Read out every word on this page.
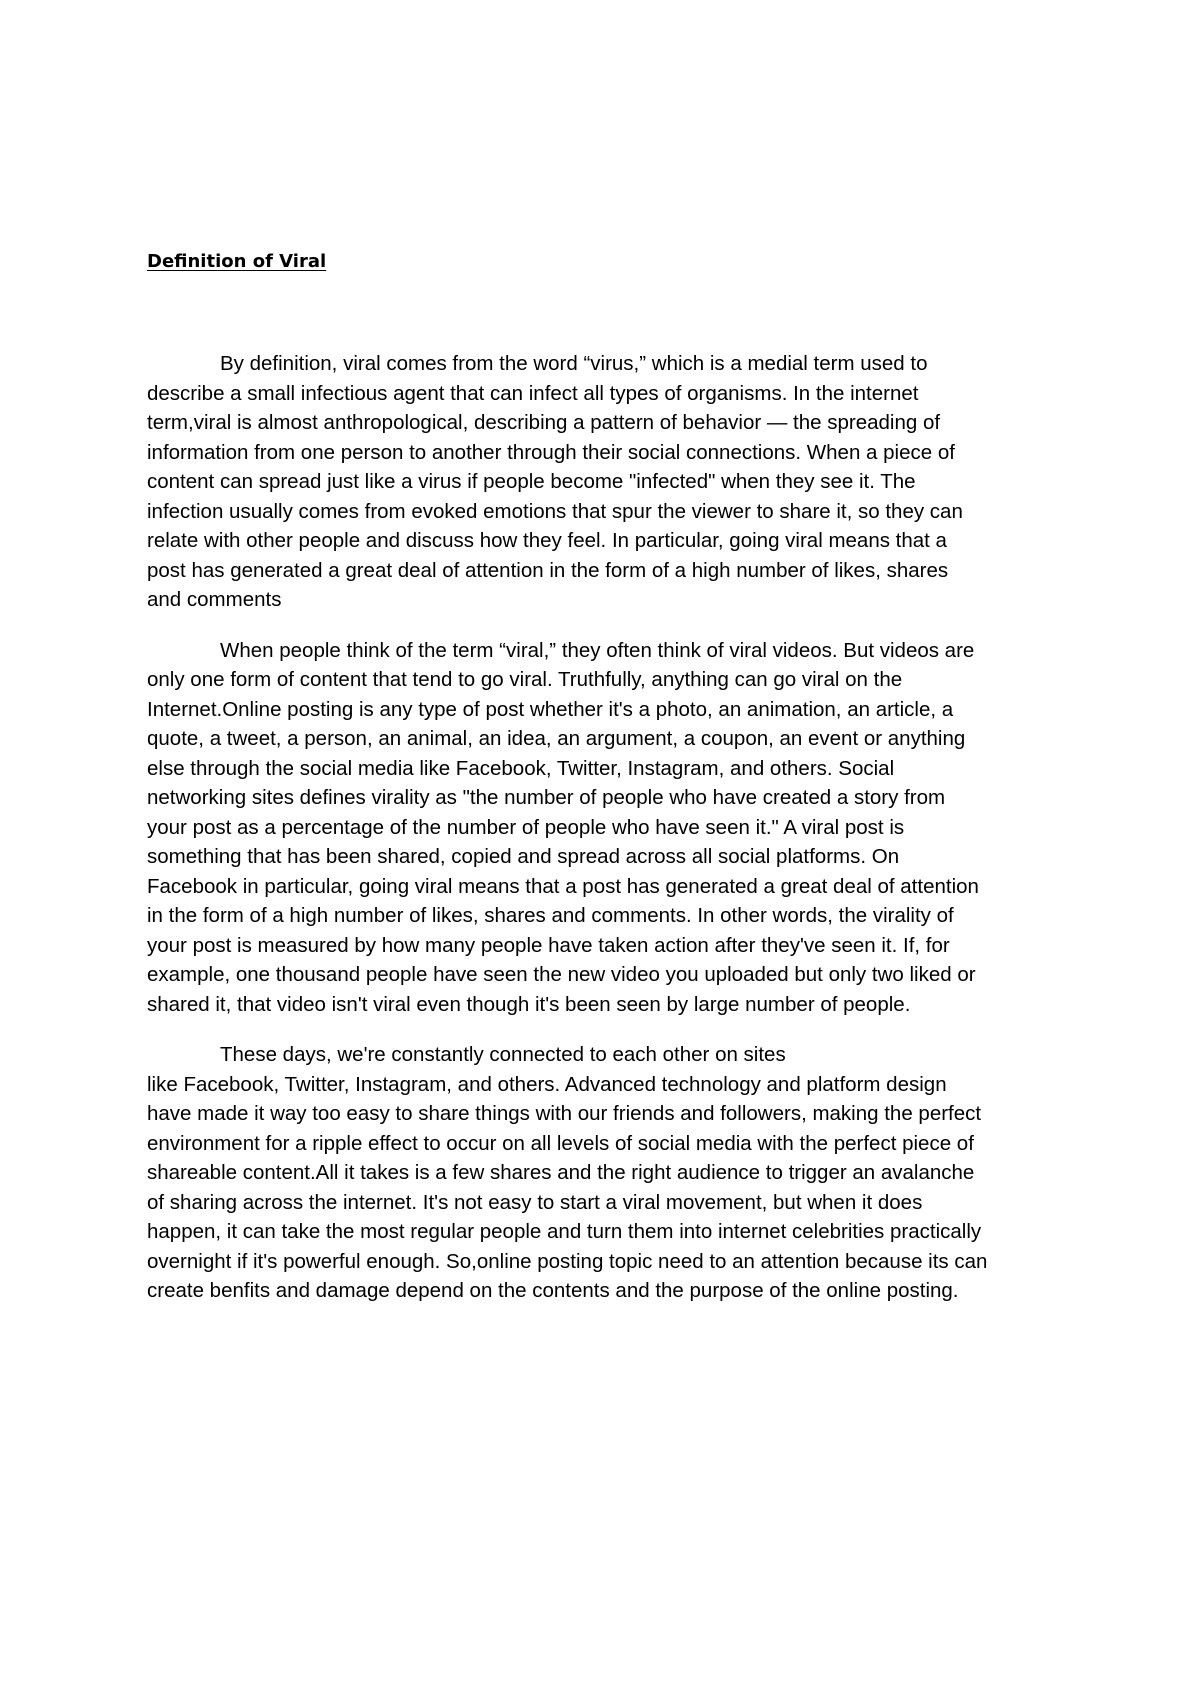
Definition of Viral

By definition, viral comes from the word “virus,” which is a medial term used to
describe a small infectious agent that can infect all types of organisms. In the internet
term,viral is almost anthropological, describing a pattern of behavior — the spreading of
information from one person to another through their social connections. When a piece of
content can spread just like a virus if people become "infected" when they see it. The
infection usually comes from evoked emotions that spur the viewer to share it, so they can
relate with other people and discuss how they feel. In particular, going viral means that a
post has generated a great deal of attention in the form of a high number of likes, shares
and comments

When people think of the term “viral,” they often think of viral videos. But videos are
only one form of content that tend to go viral. Truthfully, anything can go viral on the
Internet.Online posting is any type of post whether it's a photo, an animation, an article, a
quote, a tweet, a person, an animal, an idea, an argument, a coupon, an event or anything
else through the social media like Facebook, Twitter, Instagram, and others. Social
networking sites defines virality as "the number of people who have created a story from
your post as a percentage of the number of people who have seen it." A viral post is
something that has been shared, copied and spread across all social platforms. On
Facebook in particular, going viral means that a post has generated a great deal of attention
in the form of a high number of likes, shares and comments. In other words, the virality of
your post is measured by how many people have taken action after they've seen it. If, for
example, one thousand people have seen the new video you uploaded but only two liked or
shared it, that video isn't viral even though it's been seen by large number of people.

These days, we're constantly connected to each other on sites
like Facebook, Twitter, Instagram, and others. Advanced technology and platform design
have made it way too easy to share things with our friends and followers, making the perfect
environment for a ripple effect to occur on all levels of social media with the perfect piece of
shareable content.All it takes is a few shares and the right audience to trigger an avalanche
of sharing across the internet. It's not easy to start a viral movement, but when it does
happen, it can take the most regular people and turn them into internet celebrities practically
overnight if it's powerful enough. So,online posting topic need to an attention because its can
create benfits and damage depend on the contents and the purpose of the online posting.
